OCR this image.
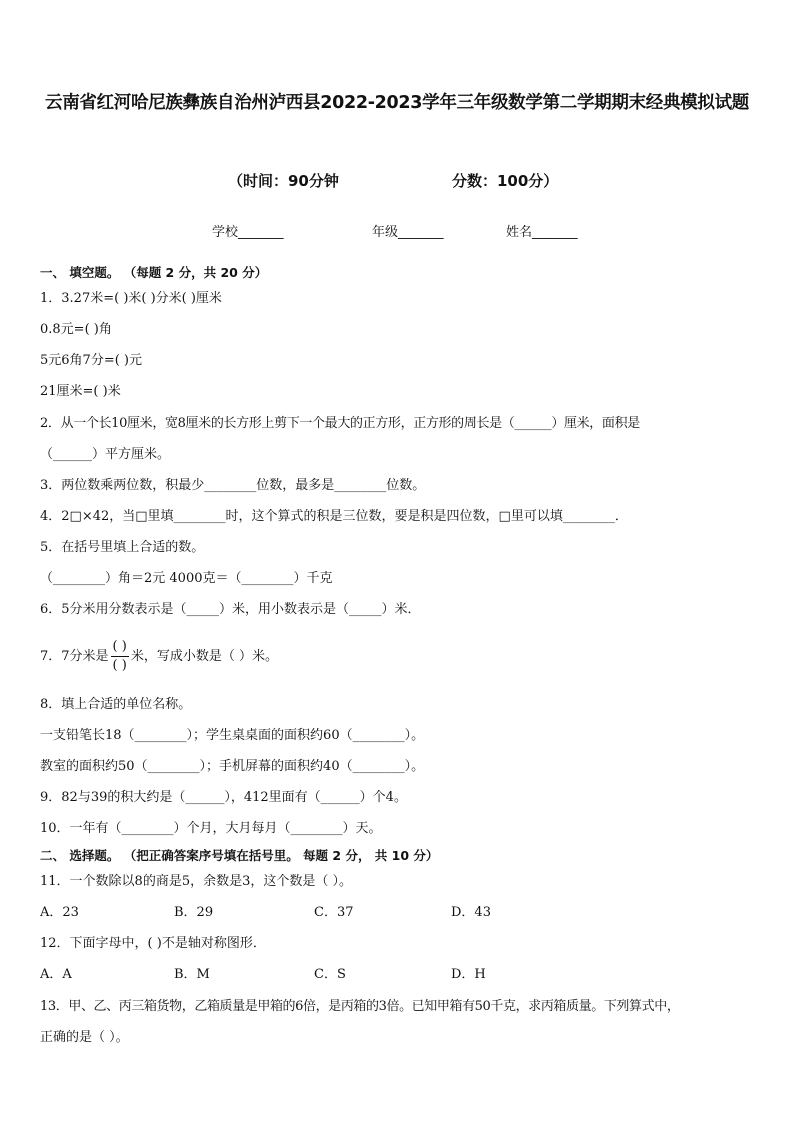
云南省红河哈尼族彝族自治州泸西县2022-2023学年三年级数学第二学期期末经典模拟试题
（时间：90分钟	分数：100分）
学校_______	年级_______	姓名_______
一、 填空题。 （每题 2 分，共 20 分）
1．3.27米=( )米( )分米( )厘米
0.8元=( )角
5元6角7分=( )元
21厘米=( )米
2．从一个长10厘米，宽8厘米的长方形上剪下一个最大的正方形，正方形的周长是（______）厘米，面积是
（______）平方厘米。
3．两位数乘两位数，积最少________位数，最多是________位数。
4．2□×42，当□里填________时，这个算式的积是三位数，要是积是四位数，□里可以填________．
5．在括号里填上合适的数。
（________）角＝2元 4000克＝（________）千克
6．5分米用分数表示是（_____）米，用小数表示是（_____）米．
7．7分米是 $\frac{( )}{( )}$ 米，写成小数是（ ）米。
8．填上合适的单位名称。
一支铅笔长18（________）；学生桌桌面的面积约60（________）。
教室的面积约50（________）；手机屏幕的面积约40（________）。
9．82与39的积大约是（______），412里面有（______）个4。
10．一年有（________）个月，大月每月（________）天。
二、 选择题。 （把正确答案序号填在括号里。 每题 2 分， 共 10 分）
11．一个数除以8的商是5，余数是3，这个数是（ ）。
A．23	B．29	C．37	D．43
12．下面字母中，( )不是轴对称图形．
A．A	B．M	C．S	D．H
13．甲、乙、丙三箱货物，乙箱质量是甲箱的6倍，是丙箱的3倍。已知甲箱有50千克，求丙箱质量。下列算式中，
正确的是（ ）。
